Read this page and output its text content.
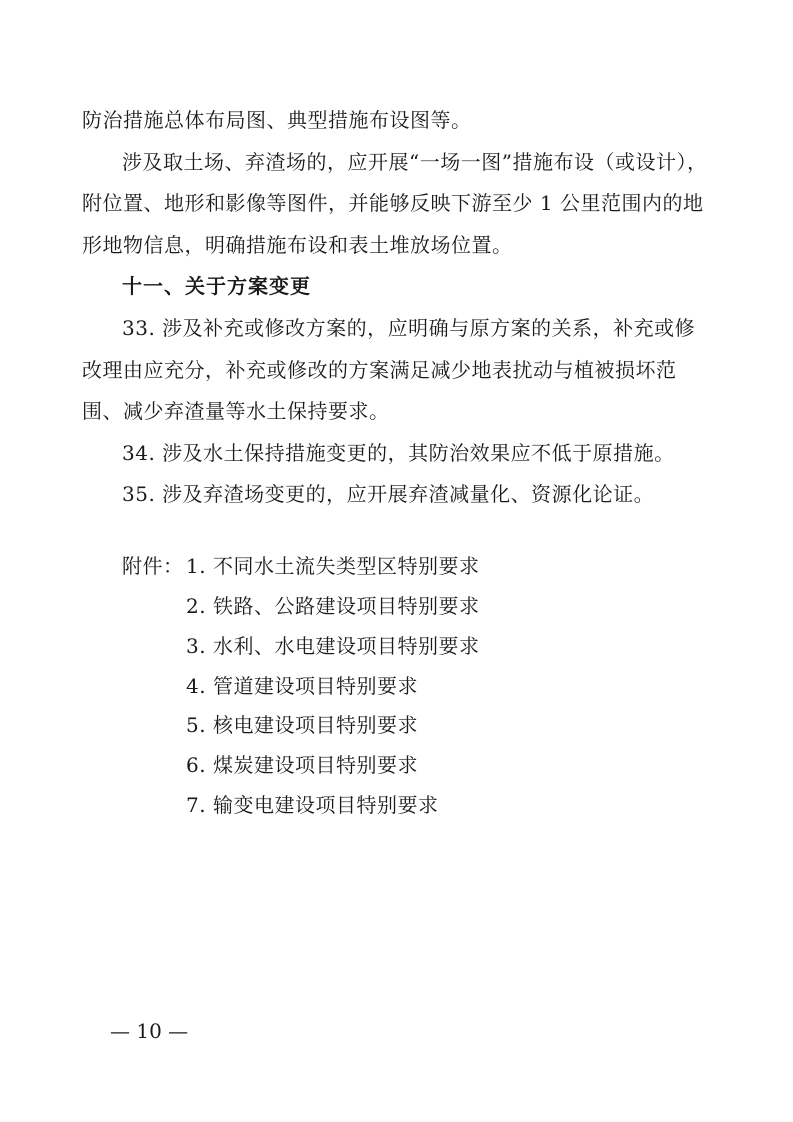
防治措施总体布局图、典型措施布设图等。
涉及取土场、弃渣场的，应开展“一场一图”措施布设（或设计），
附位置、地形和影像等图件，并能够反映下游至少 1 公里范围内的地
形地物信息，明确措施布设和表土堆放场位置。
十一、关于方案变更
33. 涉及补充或修改方案的，应明确与原方案的关系，补充或修
改理由应充分，补充或修改的方案满足减少地表扰动与植被损坏范
围、减少弃渣量等水土保持要求。
34. 涉及水土保持措施变更的，其防治效果应不低于原措施。
35. 涉及弃渣场变更的，应开展弃渣减量化、资源化论证。
附件： 1. 不同水土流失类型区特别要求
2. 铁路、公路建设项目特别要求
3. 水利、水电建设项目特别要求
4. 管道建设项目特别要求
5. 核电建设项目特别要求
6. 煤炭建设项目特别要求
7. 输变电建设项目特别要求
— 10 —
